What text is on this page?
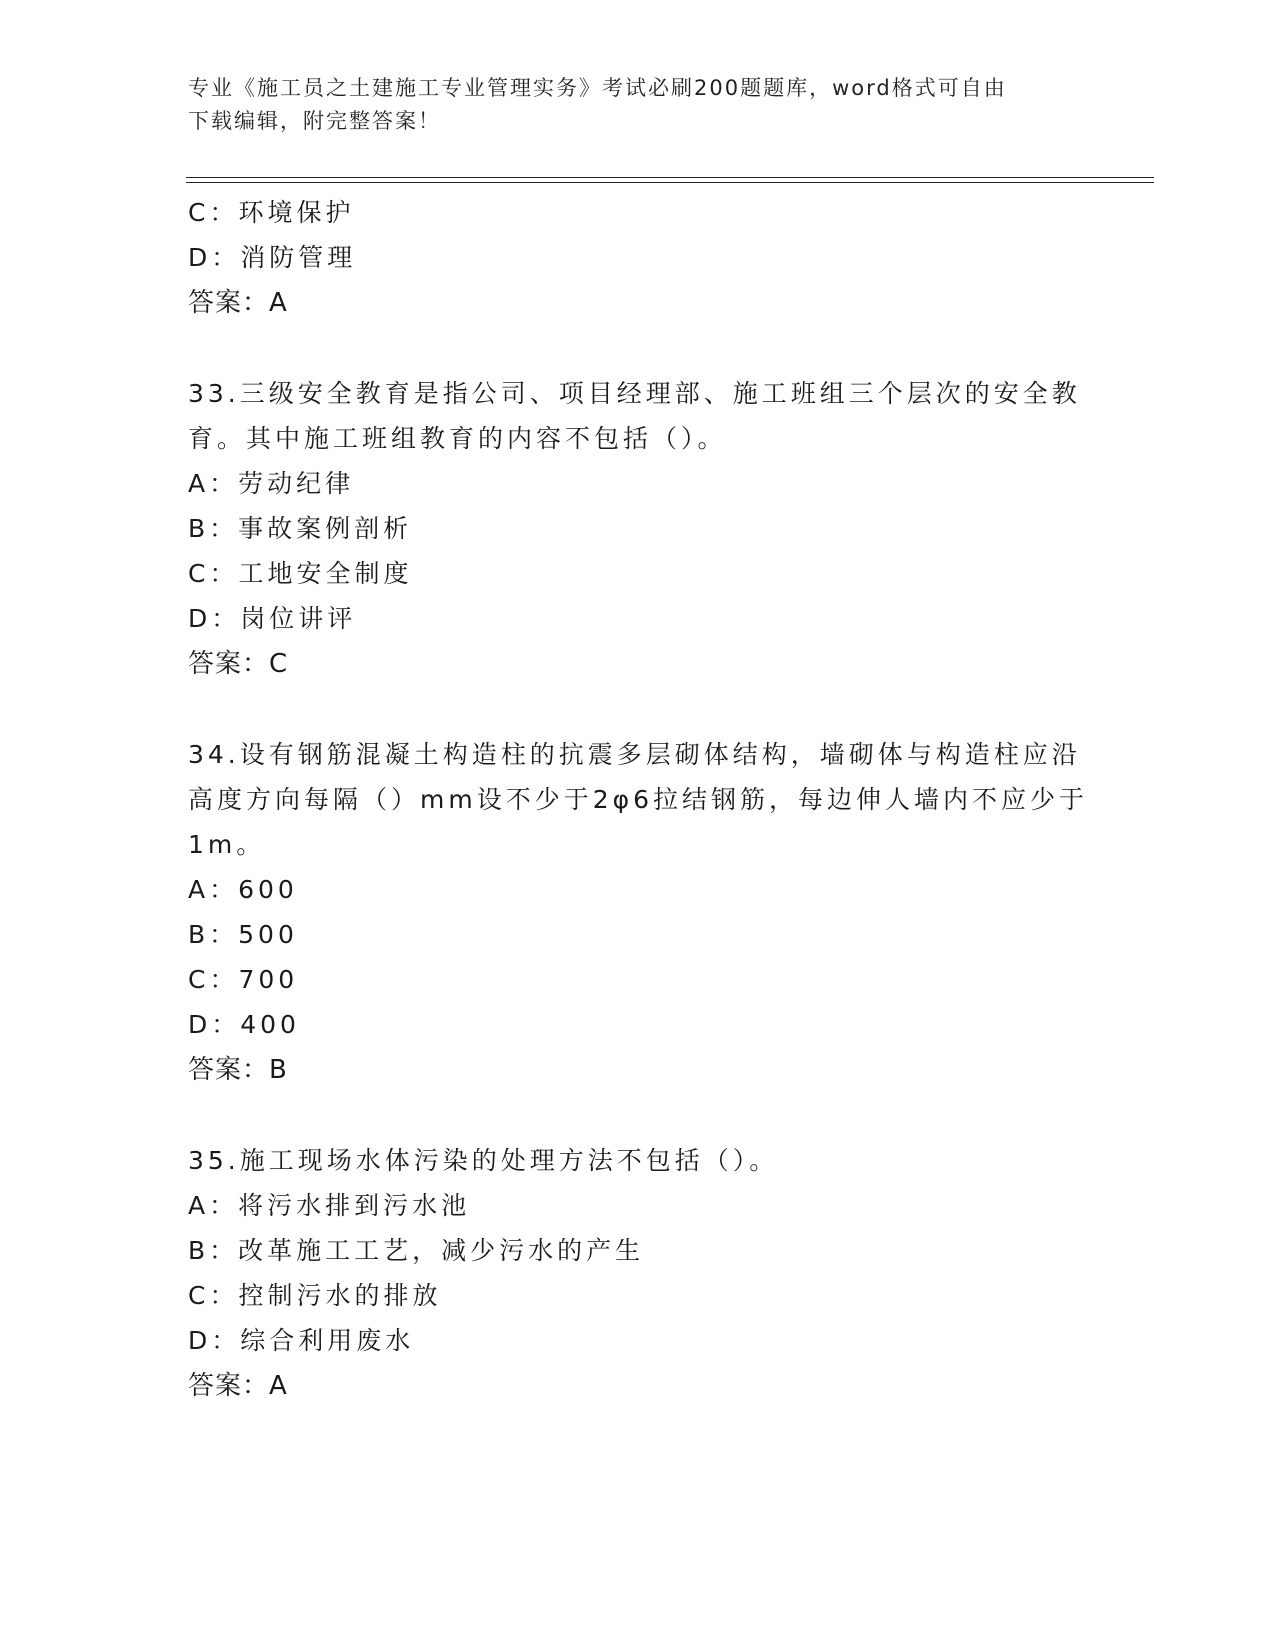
专业《施工员之土建施工专业管理实务》考试必刷200题题库，word格式可自由
下载编辑，附完整答案！
C：环境保护
D：消防管理
答案：A
33.三级安全教育是指公司、项目经理部、施工班组三个层次的安全教
育。其中施工班组教育的内容不包括（）。
A：劳动纪律
B：事故案例剖析
C：工地安全制度
D：岗位讲评
答案：C
34.设有钢筋混凝土构造柱的抗震多层砌体结构，墙砌体与构造柱应沿
高度方向每隔（）mm设不少于2φ6拉结钢筋，每边伸人墙内不应少于
1m。
A：600
B：500
C：700
D：400
答案：B
35.施工现场水体污染的处理方法不包括（）。
A：将污水排到污水池
B：改革施工工艺，减少污水的产生
C：控制污水的排放
D：综合利用废水
答案：A
